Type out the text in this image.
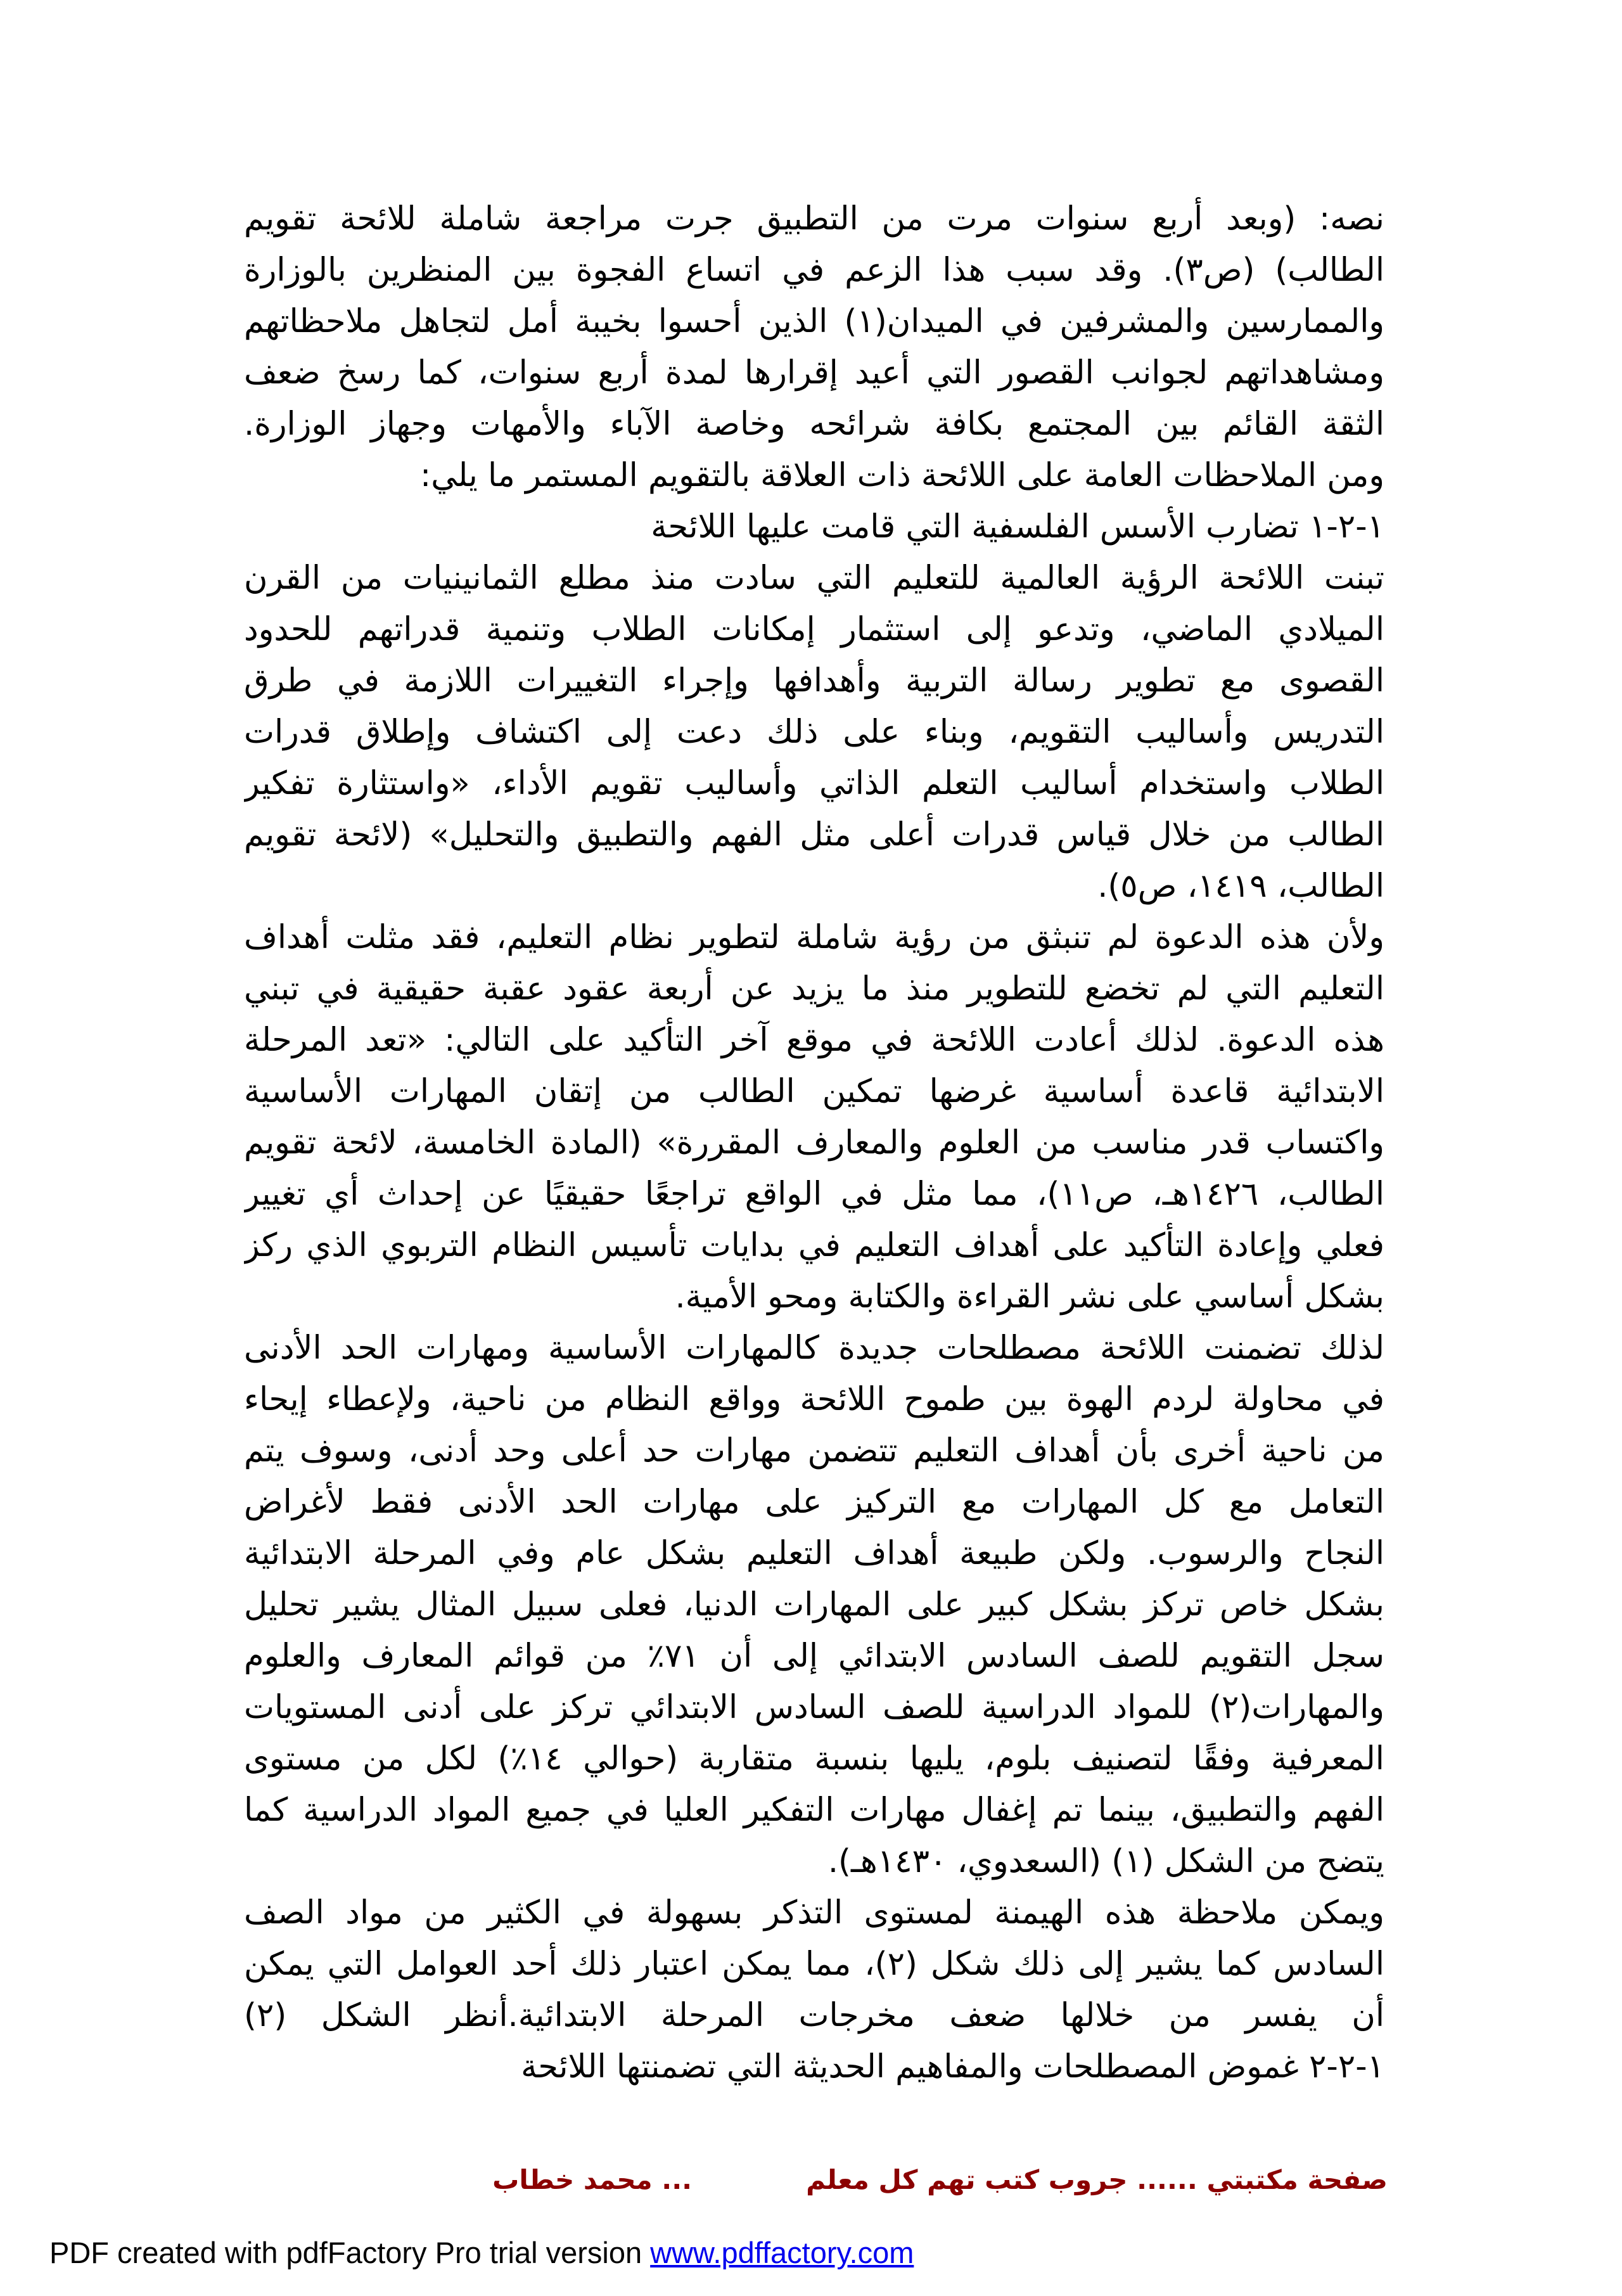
نصه: (وبعد أربع سنوات مرت من التطبيق جرت مراجعة شاملة للائحة تقويم
الطالب) (ص٣). وقد سبب هذا الزعم في اتساع الفجوة بين المنظرين بالوزارة
والممارسين والمشرفين في الميدان(١) الذين أحسوا بخيبة أمل لتجاهل ملاحظاتهم
ومشاهداتهم لجوانب القصور التي أعيد إقرارها لمدة أربع سنوات، كما رسخ ضعف
الثقة القائم بين المجتمع بكافة شرائحه وخاصة الآباء والأمهات وجهاز الوزارة.
ومن الملاحظات العامة على اللائحة ذات العلاقة بالتقويم المستمر ما يلي:
١-٢-١ تضارب الأسس الفلسفية التي قامت عليها اللائحة
تبنت اللائحة الرؤية العالمية للتعليم التي سادت منذ مطلع الثمانينيات من القرن
الميلادي الماضي، وتدعو إلى استثمار إمكانات الطلاب وتنمية قدراتهم للحدود
القصوى مع تطوير رسالة التربية وأهدافها وإجراء التغييرات اللازمة في طرق
التدريس وأساليب التقويم، وبناء على ذلك دعت إلى اكتشاف وإطلاق قدرات
الطلاب واستخدام أساليب التعلم الذاتي وأساليب تقويم الأداء، «واستثارة تفكير
الطالب من خلال قياس قدرات أعلى مثل الفهم والتطبيق والتحليل» (لائحة تقويم
الطالب، ١٤١٩، ص٥).
ولأن هذه الدعوة لم تنبثق من رؤية شاملة لتطوير نظام التعليم، فقد مثلت أهداف
التعليم التي لم تخضع للتطوير منذ ما يزيد عن أربعة عقود عقبة حقيقية في تبني
هذه الدعوة. لذلك أعادت اللائحة في موقع آخر التأكيد على التالي: «تعد المرحلة
الابتدائية قاعدة أساسية غرضها تمكين الطالب من إتقان المهارات الأساسية
واكتساب قدر مناسب من العلوم والمعارف المقررة» (المادة الخامسة، لائحة تقويم
الطالب، ١٤٢٦هـ، ص١١)، مما مثل في الواقع تراجعًا حقيقيًا عن إحداث أي تغيير
فعلي وإعادة التأكيد على أهداف التعليم في بدايات تأسيس النظام التربوي الذي ركز
بشكل أساسي على نشر القراءة والكتابة ومحو الأمية.
لذلك تضمنت اللائحة مصطلحات جديدة كالمهارات الأساسية ومهارات الحد الأدنى
في محاولة لردم الهوة بين طموح اللائحة وواقع النظام من ناحية، ولإعطاء إيحاء
من ناحية أخرى بأن أهداف التعليم تتضمن مهارات حد أعلى وحد أدنى، وسوف يتم
التعامل مع كل المهارات مع التركيز على مهارات الحد الأدنى فقط لأغراض
النجاح والرسوب. ولكن طبيعة أهداف التعليم بشكل عام وفي المرحلة الابتدائية
بشكل خاص تركز بشكل كبير على المهارات الدنيا، فعلى سبيل المثال يشير تحليل
سجل التقويم للصف السادس الابتدائي إلى أن ٧١٪ من قوائم المعارف والعلوم
والمهارات(٢) للمواد الدراسية للصف السادس الابتدائي تركز على أدنى المستويات
المعرفية وفقًا لتصنيف بلوم، يليها بنسبة متقاربة (حوالي ١٤٪) لكل من مستوى
الفهم والتطبيق، بينما تم إغفال مهارات التفكير العليا في جميع المواد الدراسية كما
يتضح من الشكل (١) (السعدوي، ١٤٣٠هـ).
ويمكن ملاحظة هذه الهيمنة لمستوى التذكر بسهولة في الكثير من مواد الصف
السادس كما يشير إلى ذلك شكل (٢)، مما يمكن اعتبار ذلك أحد العوامل التي يمكن
أن يفسر من خلالها ضعف مخرجات المرحلة الابتدائية.أنظر الشكل (٢)
١-٢-٢ غموض المصطلحات والمفاهيم الحديثة التي تضمنتها اللائحة
صفحة مكتبتي ...... جروب كتب تهم كل معلم... محمد خطاب
PDF created with pdfFactory Pro trial version www.pdffactory.com
